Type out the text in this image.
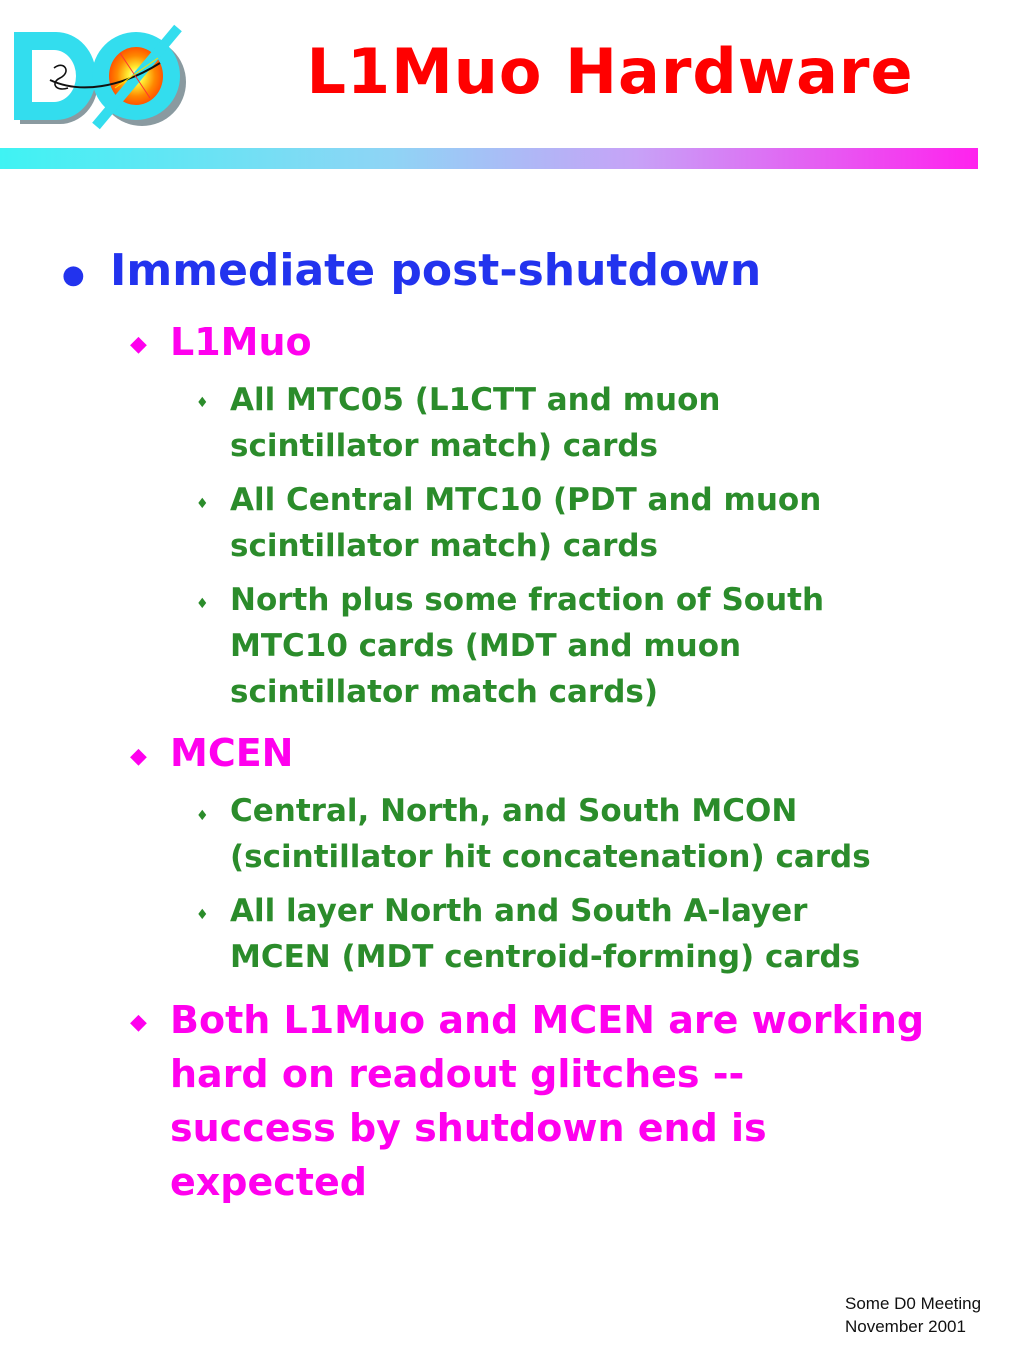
L1Muo Hardware
● Immediate post-shutdown
◆ L1Muo
♦ All MTC05 (L1CTT and muon
scintillator match) cards
♦ All Central MTC10 (PDT and muon
scintillator match) cards
♦ North plus some fraction of South
MTC10 cards (MDT and muon
scintillator match cards)
◆ MCEN
♦ Central, North, and South MCON
(scintillator hit concatenation) cards
♦ All layer North and South A-layer
MCEN (MDT centroid-forming) cards
◆ Both L1Muo and MCEN are working
hard on readout glitches --
success by shutdown end is
expected
Some D0 Meeting
November 2001
